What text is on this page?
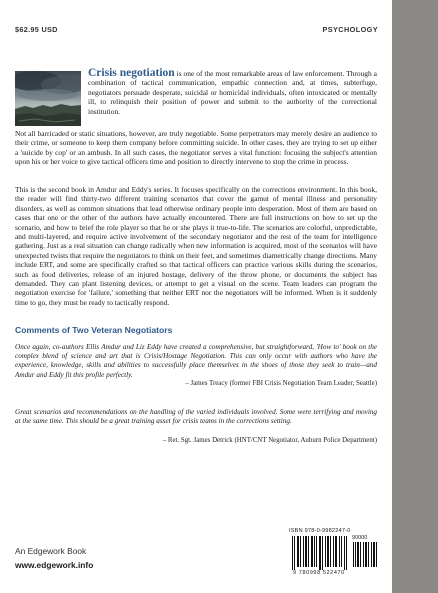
$62.95 USD	PSYCHOLOGY
Crisis negotiation is one of the most remarkable areas of law enforcement. Through a combination of tactical communication, empathic connection and, at times, subterfuge, negotiators persuade desperate, suicidal or homicidal individuals, often intoxicated or mentally ill, to relinquish their position of power and submit to the authority of the correctional institution.

Not all barricaded or static situations, however, are truly negotiable. Some perpetrators may merely desire an audience to their crime, or someone to keep them company before committing suicide. In other cases, they are trying to set up either a 'suicide by cop' or an ambush. In all such cases, the negotiator serves a vital function: focusing the subject's attention upon his or her voice to give tactical officers time and position to directly intervene to stop the crime in process.

This is the second book in Amdur and Eddy's series. It focuses specifically on the corrections environment. In this book, the reader will find thirty-two different training scenarios that cover the gamut of mental illness and personality disorders, as well as common situations that lead otherwise ordinary people into desperation. Most of them are based on cases that one or the other of the authors have actually encountered. There are full instructions on how to set up the scenario, and how to brief the role player so that he or she plays it true-to-life. The scenarios are colorful, unpredictable, and multi-layered, and require active involvement of the secondary negotiator and the rest of the team for intelligence gathering. Just as a real situation can change radically when new information is acquired, most of the scenarios will have unexpected twists that require the negotiators to think on their feet, and sometimes diametrically change directions. Many include ERT, and some are specifically crafted so that tactical officers can practice various skills during the scenarios, such as food deliveries, release of an injured hostage, delivery of the throw phone, or documents the subject has demanded. They can plant listening devices, or attempt to get a visual on the scene. Team leaders can program the negotiation exercise for 'failure,' something that neither ERT nor the negotiators will be informed. When is it suddenly time to go, they must be ready to tactically respond.

Comments of Two Veteran Negotiators
Once again, co-authors Ellis Amdur and Liz Eddy have created a comprehensive, but straightforward, 'How to' book on the complex blend of science and art that is Crisis/Hostage Negotiation. This can only occur with authors who have the experience, knowledge, skills and abilities to successfully place themselves in the shoes of those they seek to train—and Amdur and Eddy fit this profile perfectly.
– James Treacy (former FBI Crisis Negotiation Team Leader, Seattle)
Great scenarios and recommendations on the handling of the varied individuals involved. Some were terrifying and moving at the same time. This should be a great training asset for crisis teams in the corrections setting.
– Ret. Sgt. James Detrick (HNT/CNT Negotiator, Auburn Police Department)
An Edgework Book
www.edgework.info
ISBN 978-0-9982247-0
90000
9 780998 522470
